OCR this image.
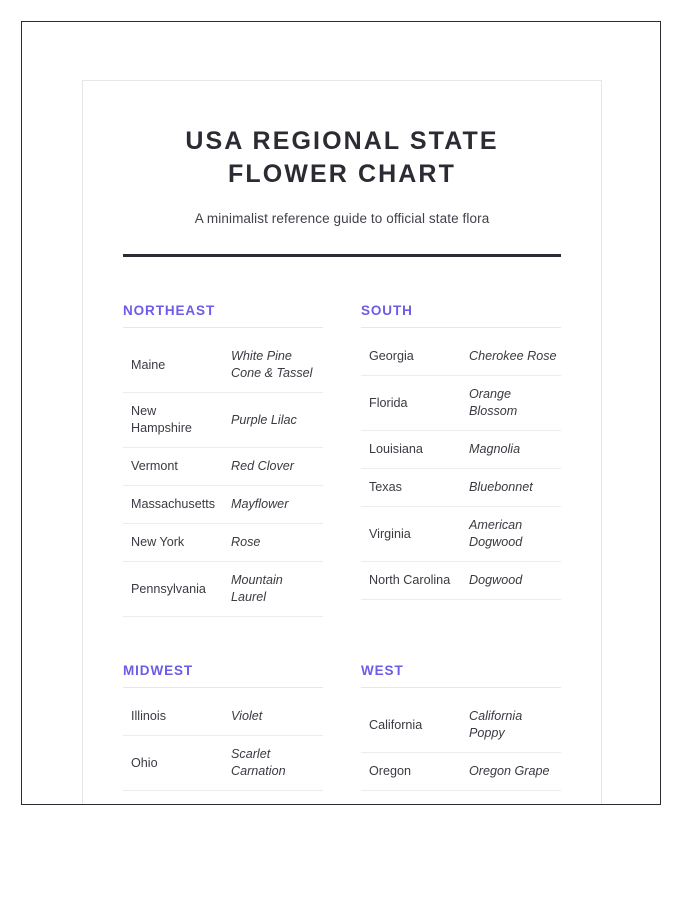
USA REGIONAL STATE FLOWER CHART

A minimalist reference guide to official state flora

NORTHEAST
Maine	White Pine Cone & Tassel
New Hampshire	Purple Lilac
Vermont	Red Clover
Massachusetts	Mayflower
New York	Rose
Pennsylvania	Mountain Laurel
SOUTH
Georgia	Cherokee Rose
Florida	Orange Blossom
Louisiana	Magnolia
Texas	Bluebonnet
Virginia	American Dogwood
North Carolina	Dogwood
MIDWEST
Illinois	Violet
Ohio	Scarlet Carnation
WEST
California	California Poppy
Oregon	Oregon Grape
